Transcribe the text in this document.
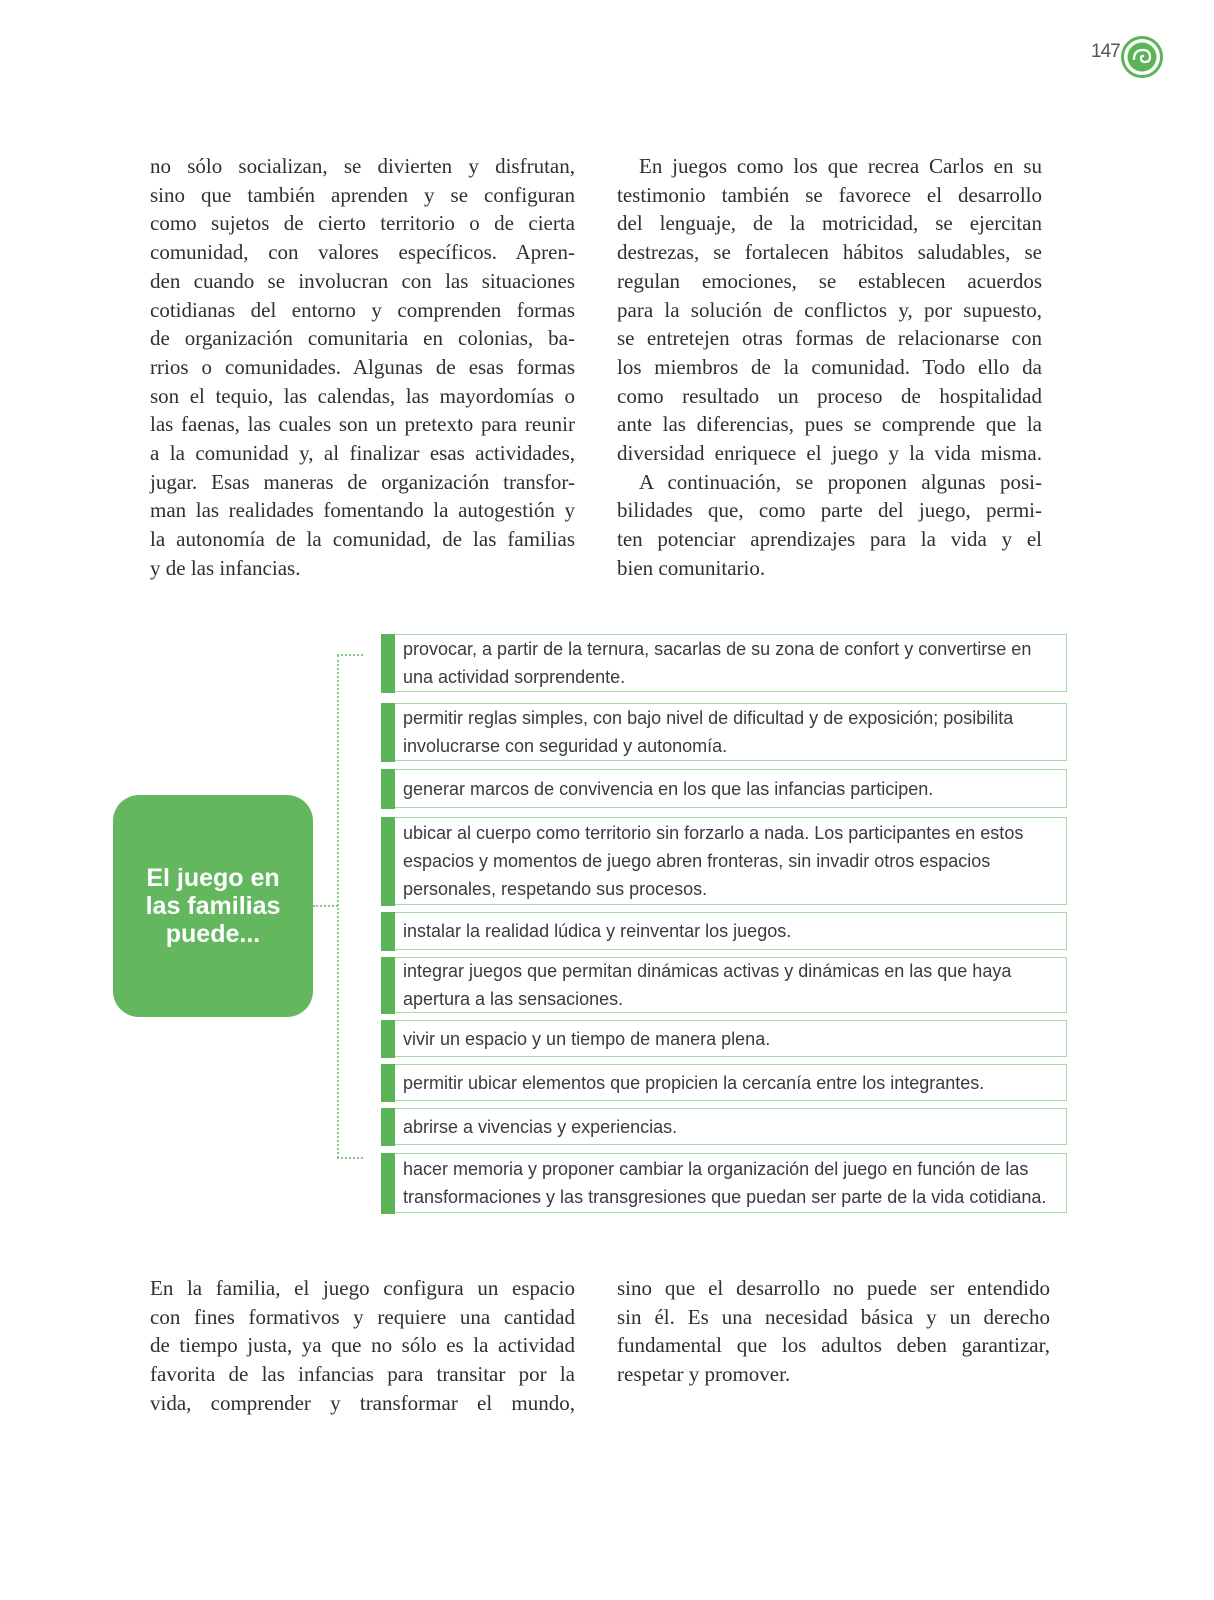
147
no sólo socializan, se divierten y disfrutan,
sino que también aprenden y se configuran
como sujetos de cierto territorio o de cierta
comunidad, con valores específicos. Apren-
den cuando se involucran con las situaciones
cotidianas del entorno y comprenden formas
de organización comunitaria en colonias, ba-
rrios o comunidades. Algunas de esas formas
son el tequio, las calendas, las mayordomías o
las faenas, las cuales son un pretexto para reunir
a la comunidad y, al finalizar esas actividades,
jugar. Esas maneras de organización transfor-
man las realidades fomentando la autogestión y
la autonomía de la comunidad, de las familias
y de las infancias.
En juegos como los que recrea Carlos en su
testimonio también se favorece el desarrollo
del lenguaje, de la motricidad, se ejercitan
destrezas, se fortalecen hábitos saludables, se
regulan emociones, se establecen acuerdos
para la solución de conflictos y, por supuesto,
se entretejen otras formas de relacionarse con
los miembros de la comunidad. Todo ello da
como resultado un proceso de hospitalidad
ante las diferencias, pues se comprende que la
diversidad enriquece el juego y la vida misma.
A continuación, se proponen algunas posi-
bilidades que, como parte del juego, permi-
ten potenciar aprendizajes para la vida y el
bien comunitario.
El juego en
las familias
puede...
provocar, a partir de la ternura, sacarlas de su zona de confort y convertirse en
una actividad sorprendente.
permitir reglas simples, con bajo nivel de dificultad y de exposición; posibilita
involucrarse con seguridad y autonomía.
generar marcos de convivencia en los que las infancias participen.
ubicar al cuerpo como territorio sin forzarlo a nada. Los participantes en estos
espacios y momentos de juego abren fronteras, sin invadir otros espacios
personales, respetando sus procesos.
instalar la realidad lúdica y reinventar los juegos.
integrar juegos que permitan dinámicas activas y dinámicas en las que haya
apertura a las sensaciones.
vivir un espacio y un tiempo de manera plena.
permitir ubicar elementos que propicien la cercanía entre los integrantes.
abrirse a vivencias y experiencias.
hacer memoria y proponer cambiar la organización del juego en función de las
transformaciones y las transgresiones que puedan ser parte de la vida cotidiana.
En la familia, el juego configura un espacio
con fines formativos y requiere una cantidad
de tiempo justa, ya que no sólo es la actividad
favorita de las infancias para transitar por la
vida, comprender y transformar el mundo,
sino que el desarrollo no puede ser entendido
sin él. Es una necesidad básica y un derecho
fundamental que los adultos deben garantizar,
respetar y promover.
